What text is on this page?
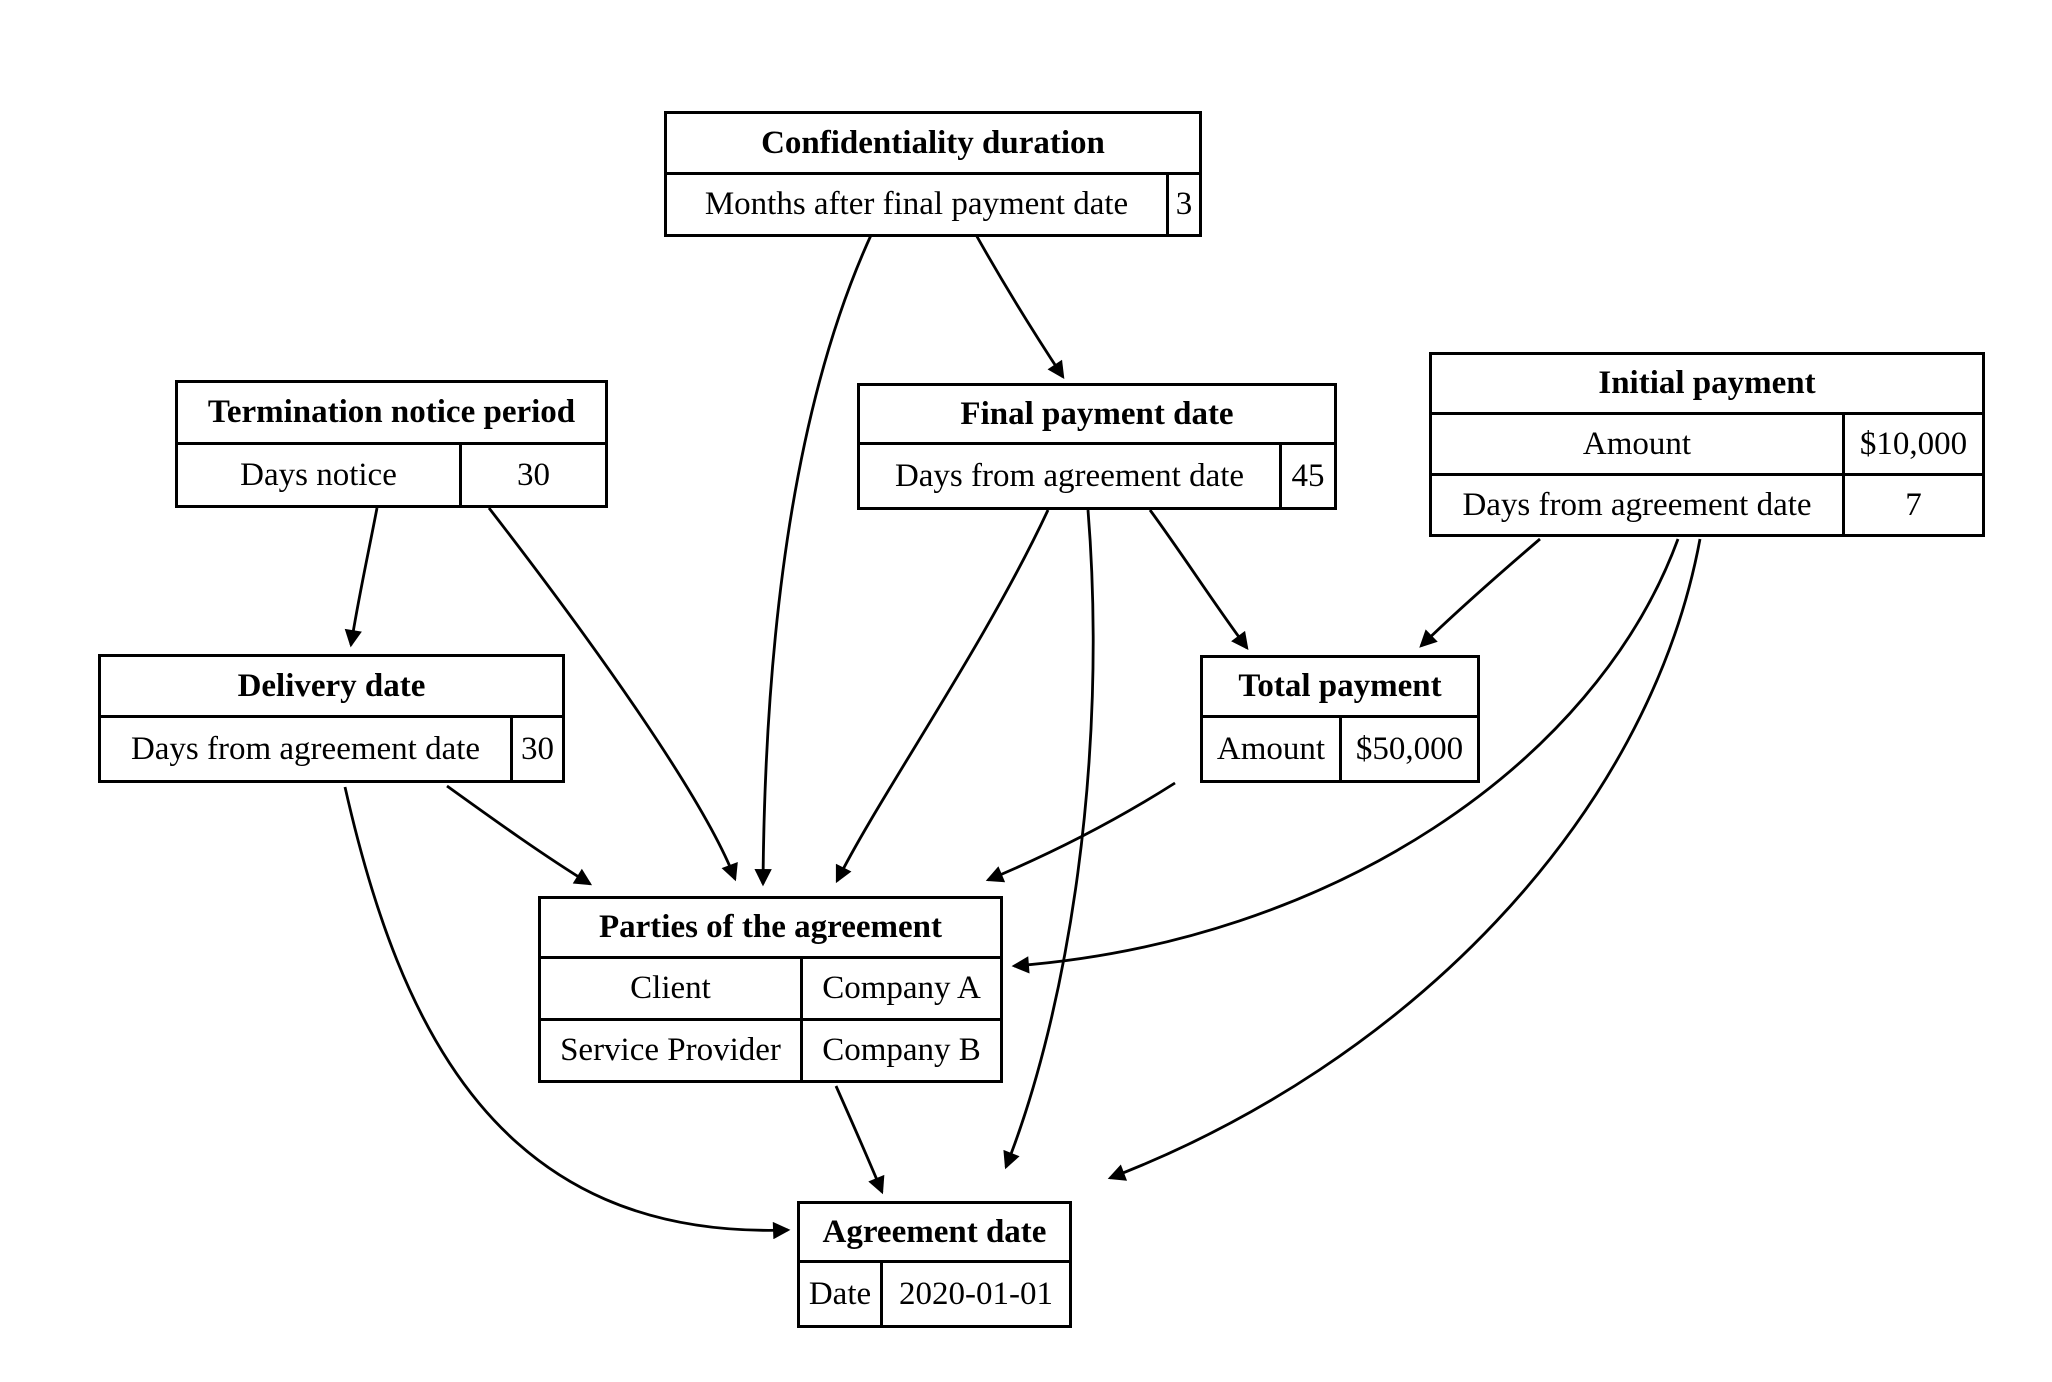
Confidentiality duration
Months after final payment date	3
Termination notice period
Days notice	30
Final payment date
Days from agreement date	45
Initial payment
Amount	$10,000
Days from agreement date	7
Delivery date
Days from agreement date	30
Total payment
Amount $50,000
Parties of the agreement
Client	Company A
Service Provider	Company B
Agreement date
Date 2020-01-01
